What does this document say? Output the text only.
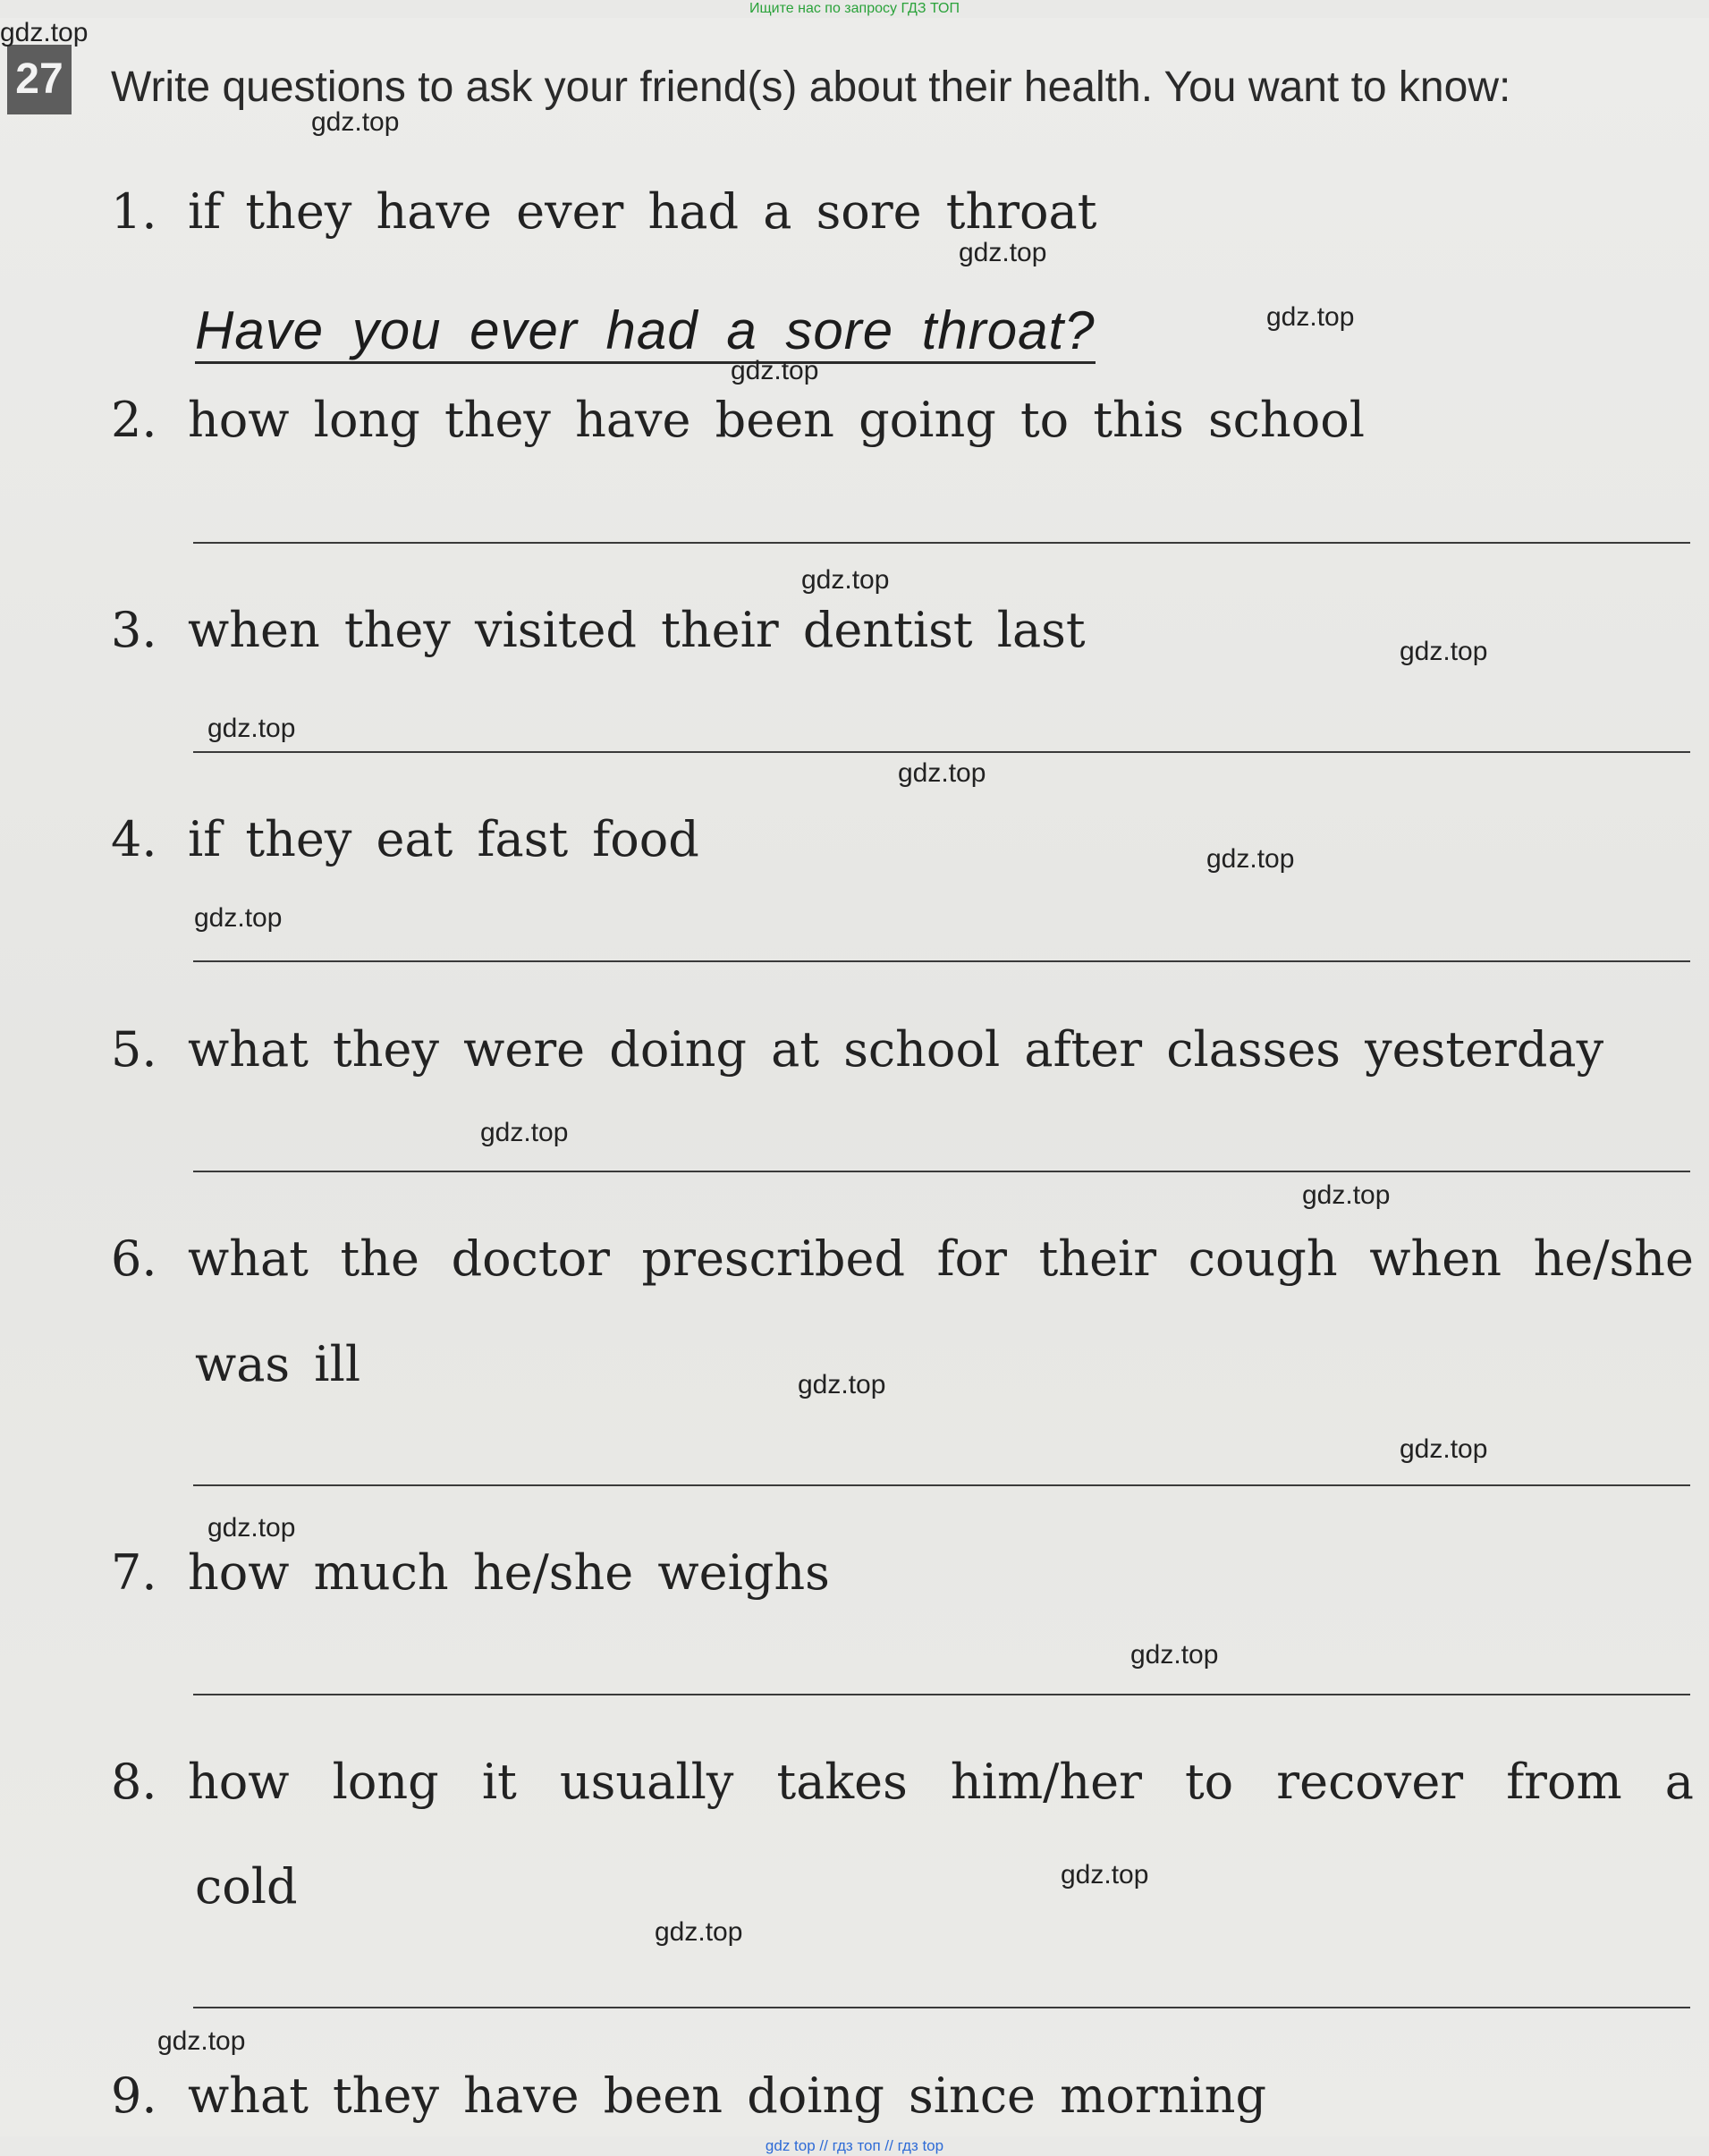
Ищите нас по запросу ГДЗ ТОП
27 Write questions to ask your friend(s) about their health. You want to know:
1. if they have ever had a sore throat
Have you ever had a sore throat?
2. how long they have been going to this school
3. when they visited their dentist last
4. if they eat fast food
5. what they were doing at school after classes yesterday
6. what the doctor prescribed for their cough when he/she
was ill
7. how much he/she weighs
8. how long it usually takes him/her to recover from a
cold
9. what they have been doing since morning
gdz.top
gdz.top
gdz.top
gdz.top
gdz.top
gdz.top
gdz.top
gdz.top
gdz.top
gdz.top
gdz.top
gdz.top
gdz.top
gdz.top
gdz.top
gdz.top
gdz.top
gdz.top
gdz.top
gdz.top
gdz top // гдз топ // гдз top
